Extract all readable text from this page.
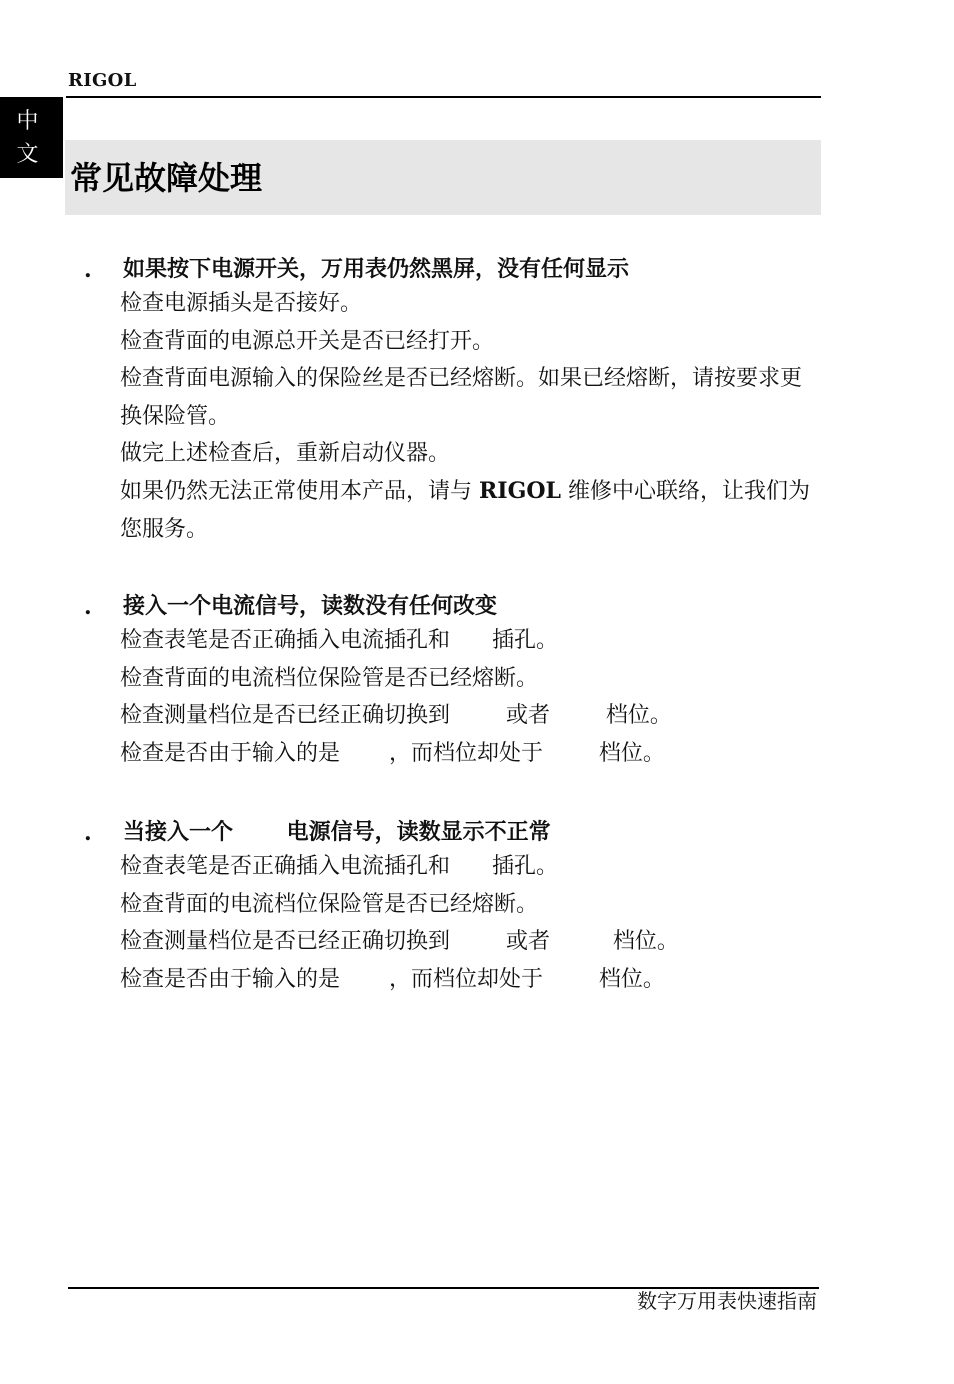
RIGOL
中
文
常见故障处理
. 如果按下电源开关，万用表仍然黑屏，没有任何显示

检查电源插头是否接好。

检查背面的电源总开关是否已经打开。

检查背面电源输入的保险丝是否已经熔断。如果已经熔断，请按要求更换保险管。

做完上述检查后，重新启动仪器。

如果仍然无法正常使用本产品，请与 RIGOL 维修中心联络，让我们为您服务。

. 接入一个电流信号，读数没有任何改变

检查表笔是否正确插入电流插孔和      插孔。

检查背面的电流档位保险管是否已经熔断。

检查测量档位是否已经正确切换到        或者        档位。

检查是否由于输入的是       ，而档位却处于        档位。

. 当接入一个       电源信号，读数显示不正常

检查表笔是否正确插入电流插孔和      插孔。

检查背面的电流档位保险管是否已经熔断。

检查测量档位是否已经正确切换到        或者         档位。

检查是否由于输入的是       ，而档位却处于        档位。

数字万用表快速指南
